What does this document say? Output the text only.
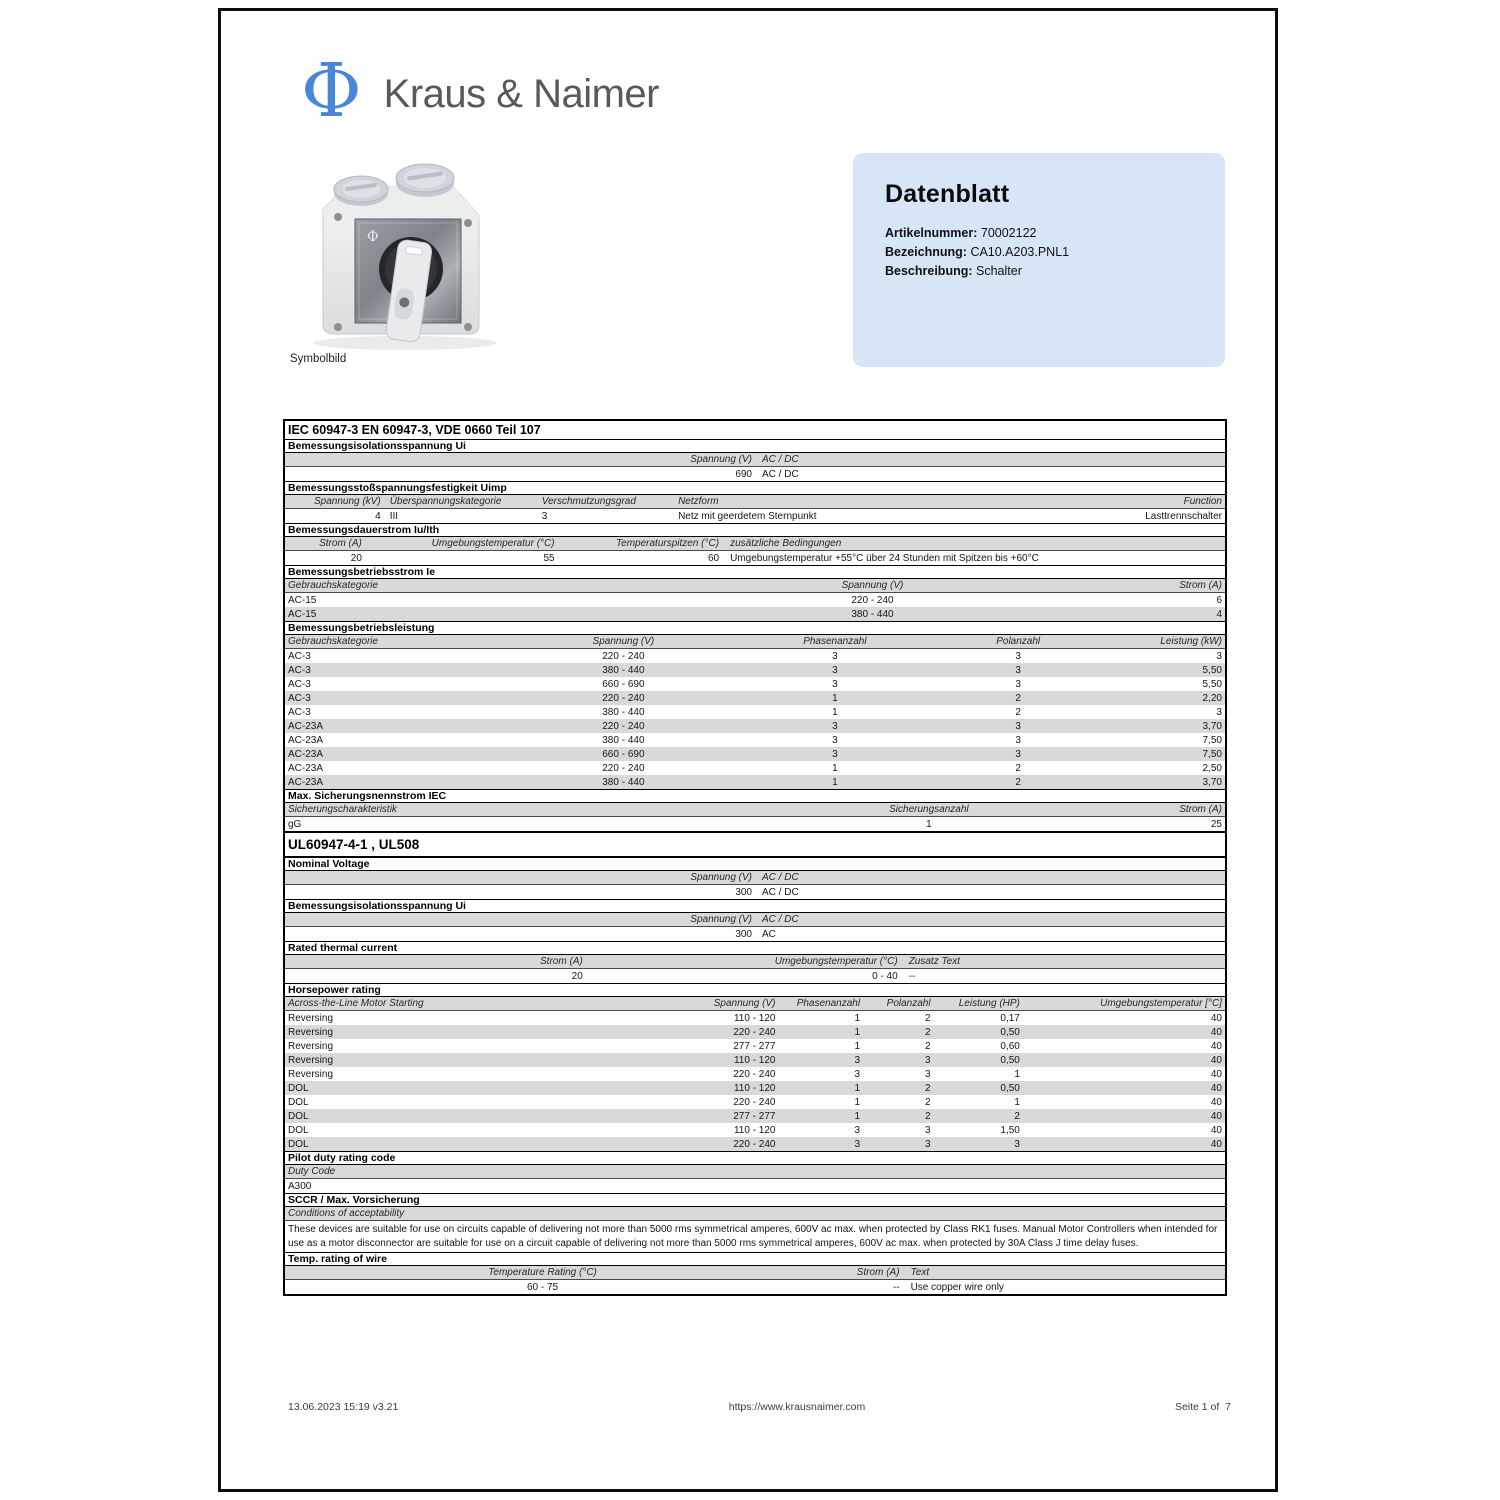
Φ Kraus & Naimer
Φ
Symbolbild
Datenblatt
Artikelnummer: 70002122
Bezeichnung: CA10.A203.PNL1
Beschreibung: Schalter
IEC 60947-3 EN 60947-3, VDE 0660 Teil 107
Bemessungsisolationsspannung Ui
Spannung (V)	AC / DC
690	AC / DC
Bemessungsstoßspannungsfestigkeit Uimp
Spannung (kV) Überspannungskategorie	Verschmutzungsgrad	Netzform	Function
4 III	3	Netz mit geerdetem Sternpunkt	Lasttrennschalter
Bemessungsdauerstrom Iu/Ith
Strom (A)	Umgebungstemperatur (°C)	Temperaturspitzen (°C)	zusätzliche Bedingungen
20	55	60	Umgebungstemperatur +55°C über 24 Stunden mit Spitzen bis +60°C
Bemessungsbetriebsstrom Ie
Gebrauchskategorie	Spannung (V)	Strom (A)
AC-15	220 - 240	6
AC-15	380 - 440	4
Bemessungsbetriebsleistung
Gebrauchskategorie	Spannung (V)	Phasenanzahl	Polanzahl	Leistung (kW)
AC-3	220 - 240	3	3	3
AC-3	380 - 440	3	3	5,50
AC-3	660 - 690	3	3	5,50
AC-3	220 - 240	1	2	2,20
AC-3	380 - 440	1	2	3
AC-23A	220 - 240	3	3	3,70
AC-23A	380 - 440	3	3	7,50
AC-23A	660 - 690	3	3	7,50
AC-23A	220 - 240	1	2	2,50
AC-23A	380 - 440	1	2	3,70
Max. Sicherungsnennstrom IEC
Sicherungscharakteristik	Sicherungsanzahl	Strom (A)
gG	1	25
UL60947-4-1 , UL508
Nominal Voltage
Spannung (V)	AC / DC
300	AC / DC
Bemessungsisolationsspannung Ui
Spannung (V)	AC / DC
300	AC
Rated thermal current
Strom (A)	Umgebungstemperatur (°C)	Zusatz Text
20	0 - 40	--
Horsepower rating
Across-the-Line Motor Starting	Spannung (V)	Phasenanzahl	Polanzahl	Leistung (HP)	Umgebungstemperatur [°C]
Reversing	110 - 120	1	2	0,17	40
Reversing	220 - 240	1	2	0,50	40
Reversing	277 - 277	1	2	0,60	40
Reversing	110 - 120	3	3	0,50	40
Reversing	220 - 240	3	3	1	40
DOL	110 - 120	1	2	0,50	40
DOL	220 - 240	1	2	1	40
DOL	277 - 277	1	2	2	40
DOL	110 - 120	3	3	1,50	40
DOL	220 - 240	3	3	3	40
Pilot duty rating code
Duty Code
A300
SCCR / Max. Vorsicherung
Conditions of acceptability
These devices are suitable for use on circuits capable of delivering not more than 5000 rms symmetrical amperes, 600V ac max. when protected by Class RK1 fuses. Manual Motor Controllers when intended for use as a motor disconnector are suitable for use on a circuit capable of delivering not more than 5000 rms symmetrical amperes, 600V ac max. when protected by 30A Class J time delay fuses.
Temp. rating of wire
Temperature Rating (°C)	Strom (A)	Text
60 - 75	--	Use copper wire only
13.06.2023 15:19 v3.21	https://www.krausnaimer.com	Seite 1 of  7
